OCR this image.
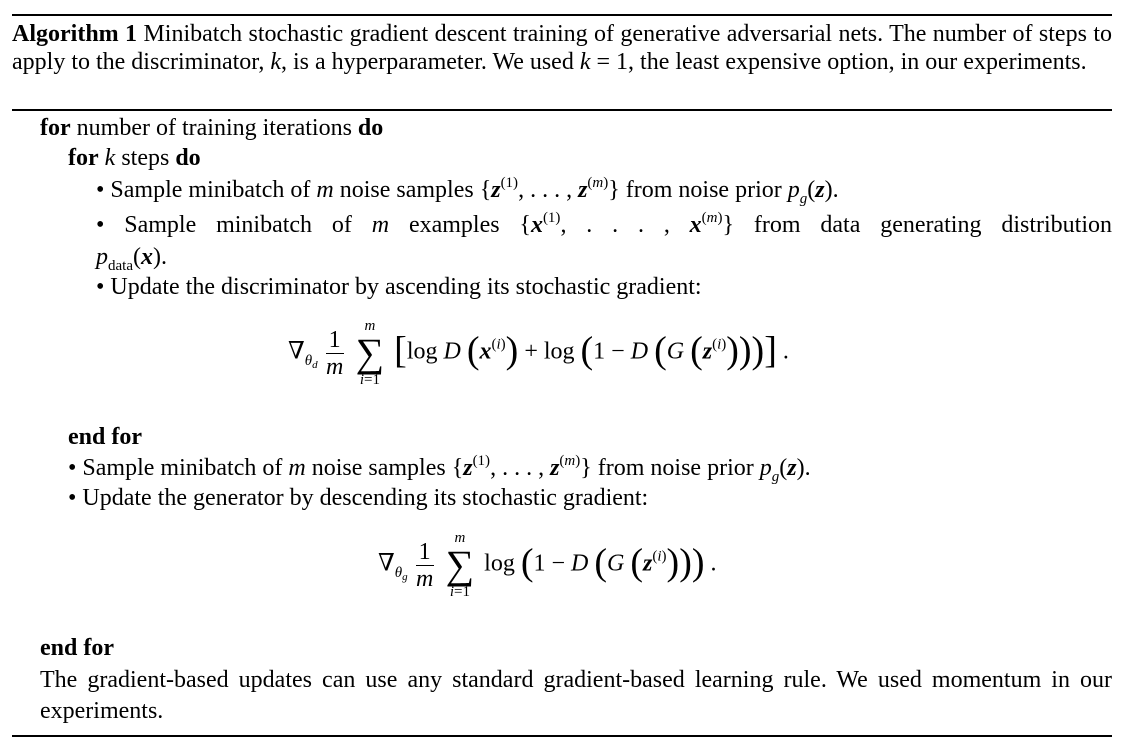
Algorithm 1 Minibatch stochastic gradient descent training of generative adversarial nets. The number of steps to apply to the discriminator, k, is a hyperparameter. We used k = 1, the least expensive option, in our experiments.
for number of training iterations do
for k steps do
• Sample minibatch of m noise samples {$z^{(1)}$, . . . , $z^{(m)}$} from noise prior $p_g(z)$.
• Sample minibatch of m examples {$x^{(1)}$, . . . , $x^{(m)}$} from data generating distribution
$p_{data}(x)$.
• Update the discriminator by ascending its stochastic gradient:
$\nabla_{\theta_d} \frac{1}{m}$

m
∑
i=1
[log D $(x^{(i)}) + \log (1 - D$ (G $(z^{(i)})$))] .
end for
• Sample minibatch of m noise samples {$z^{(1)}$, . . . , $z^{(m)}$} from noise prior $p_g(z)$.
• Update the generator by descending its stochastic gradient:
$\nabla_{\theta_g} \frac{1}{m}$

m
∑
i=1
log (1 − D (G $(z^{(i)})$)) .
end for
The gradient-based updates can use any standard gradient-based learning rule. We used momentum in our experiments.
